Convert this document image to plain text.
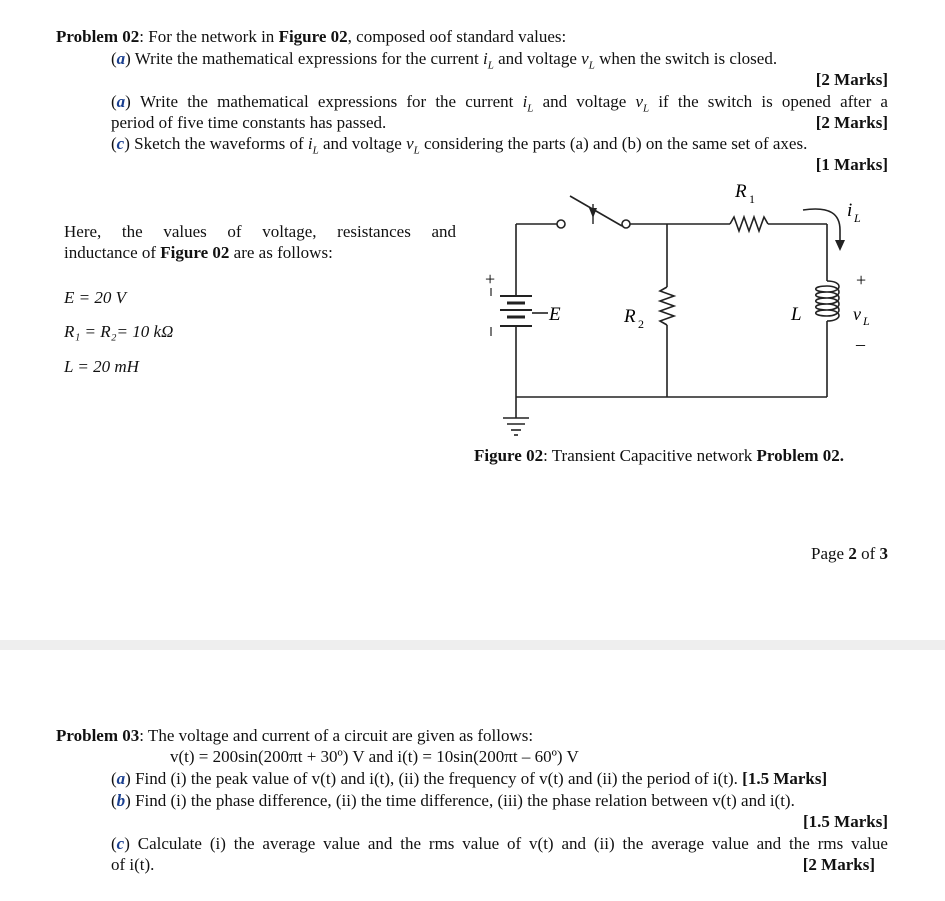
Problem 02: For the network in Figure 02, composed oof standard values:
(a) Write the mathematical expressions for the current $i_L$ and voltage $v_L$ when the switch is closed.
[2 Marks]
(a) Write the mathematical expressions for the current $i_L$ and voltage $v_L$ if the switch is opened after a
period of five time constants has passed.	[2 Marks]
(c) Sketch the waveforms of $i_L$ and voltage $v_L$ considering the parts (a) and (b) on the same set of axes.
[1 Marks]
Here, the values of voltage, resistances and
inductance of Figure 02 are as follows:
E = 20 V
R₁ = R₂= 10 kΩ
L = 20 mH
+
E	R 2
R 1
L
i L
+
v L
–
Figure 02: Transient Capacitive network Problem 02.
Page 2 of 3
Problem 03: The voltage and current of a circuit are given as follows:
v(t) = 200sin(200πt + 30º) V and i(t) = 10sin(200πt – 60º) V
(a) Find (i) the peak value of v(t) and i(t), (ii) the frequency of v(t) and (ii) the period of i(t). [1.5 Marks]
(b) Find (i) the phase difference, (ii) the time difference, (iii) the phase relation between v(t) and i(t).
[1.5 Marks]
(c) Calculate (i) the average value and the rms value of v(t) and (ii) the average value and the rms value
of i(t).	[2 Marks]
